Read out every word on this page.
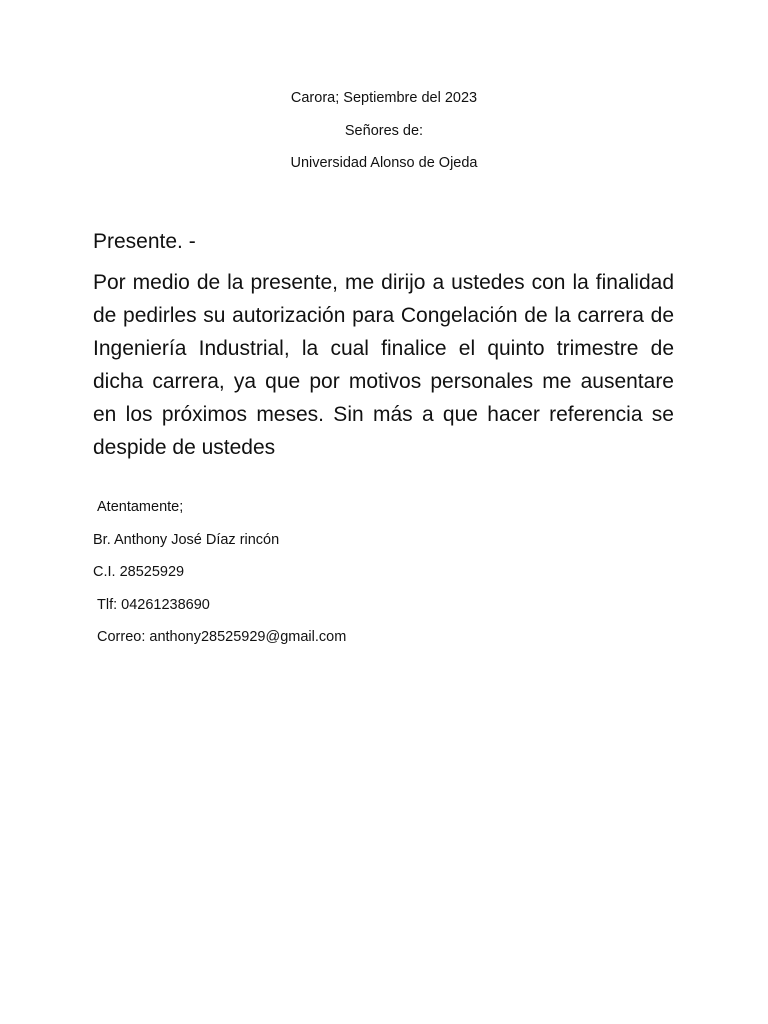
Carora; Septiembre del 2023
Señores de:
Universidad Alonso de Ojeda
Presente. -
Por medio de la presente, me dirijo a ustedes con la finalidad de pedirles su autorización para Congelación de la carrera de Ingeniería Industrial, la cual finalice el quinto trimestre de dicha carrera, ya que por motivos personales me ausentare en los próximos meses. Sin más a que hacer referencia se despide de ustedes
Atentamente;
Br. Anthony José Díaz rincón
C.I. 28525929
Tlf: 04261238690
Correo: anthony28525929@gmail.com
